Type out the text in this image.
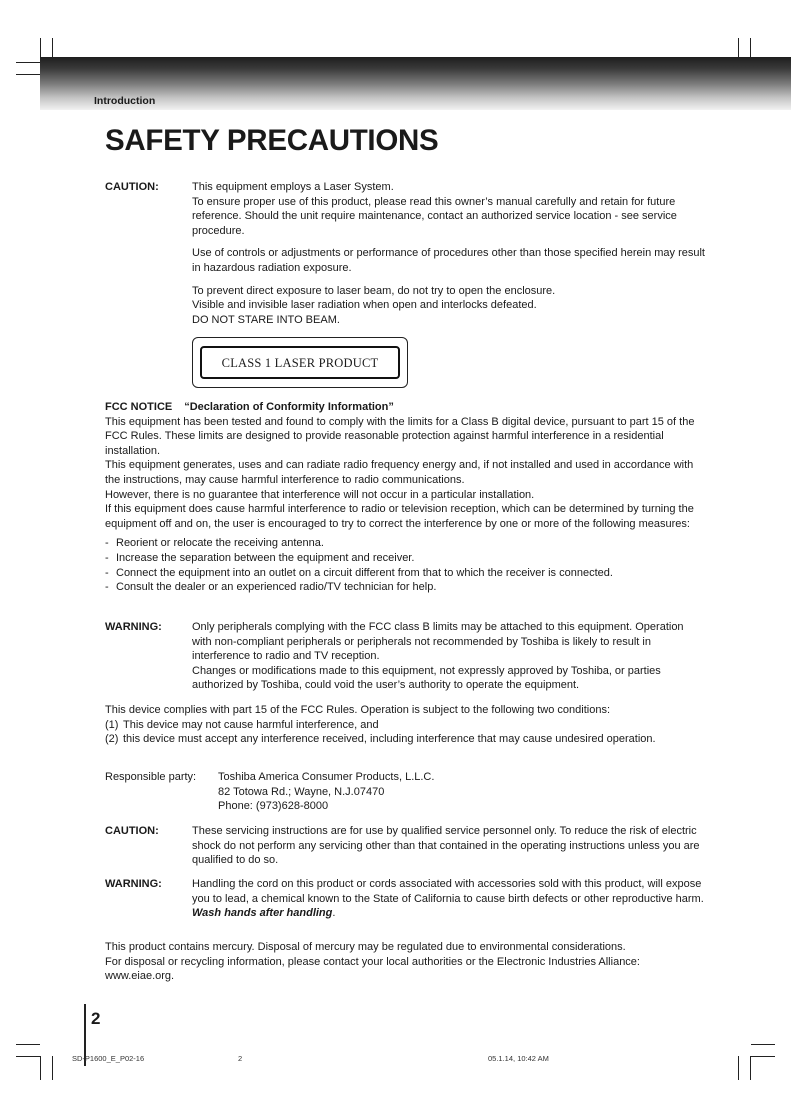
Introduction
SAFETY PRECAUTIONS
CAUTION:	This equipment employs a Laser System.

To ensure proper use of this product, please read this owner’s manual carefully and retain for future reference. Should the unit require maintenance, contact an authorized service location - see service procedure.

Use of controls or adjustments or performance of procedures other than those specified herein may result in hazardous radiation exposure.

To prevent direct exposure to laser beam, do not try to open the enclosure.

Visible and invisible laser radiation when open and interlocks defeated.

DO NOT STARE INTO BEAM.

CLASS 1 LASER PRODUCT
FCC NOTICE “Declaration of Conformity Information”

This equipment has been tested and found to comply with the limits for a Class B digital device, pursuant to part 15 of the FCC Rules. These limits are designed to provide reasonable protection against harmful interference in a residential installation.

This equipment generates, uses and can radiate radio frequency energy and, if not installed and used in accordance with the instructions, may cause harmful interference to radio communications.

However, there is no guarantee that interference will not occur in a particular installation.

If this equipment does cause harmful interference to radio or television reception, which can be determined by turning the equipment off and on, the user is encouraged to try to correct the interference by one or more of the following measures:

- Reorient or relocate the receiving antenna.
- Increase the separation between the equipment and receiver.
- Connect the equipment into an outlet on a circuit different from that to which the receiver is connected.
- Consult the dealer or an experienced radio/TV technician for help.
WARNING:	Only peripherals complying with the FCC class B limits may be attached to this equipment. Operation with non-compliant peripherals or peripherals not recommended by Toshiba is likely to result in interference to radio and TV reception.

Changes or modifications made to this equipment, not expressly approved by Toshiba, or parties authorized by Toshiba, could void the user’s authority to operate the equipment.

This device complies with part 15 of the FCC Rules. Operation is subject to the following two conditions:

(1) This device may not cause harmful interference, and
(2) this device must accept any interference received, including interference that may cause undesired operation.
Responsible party:	Toshiba America Consumer Products, L.L.C.

82 Totowa Rd.; Wayne, N.J.07470

Phone: (973)628-8000

CAUTION:	These servicing instructions are for use by qualified service personnel only. To reduce the risk of electric shock do not perform any servicing other than that contained in the operating instructions unless you are qualified to do so.

WARNING:	Handling the cord on this product or cords associated with accessories sold with this product, will expose you to lead, a chemical known to the State of California to cause birth defects or other reproductive harm. Wash hands after handling.

This product contains mercury. Disposal of mercury may be regulated due to environmental considerations.

For disposal or recycling information, please contact your local authorities or the Electronic Industries Alliance: www.eiae.org.

2
SD-P1600_E_P02-16	2	05.1.14, 10:42 AM
